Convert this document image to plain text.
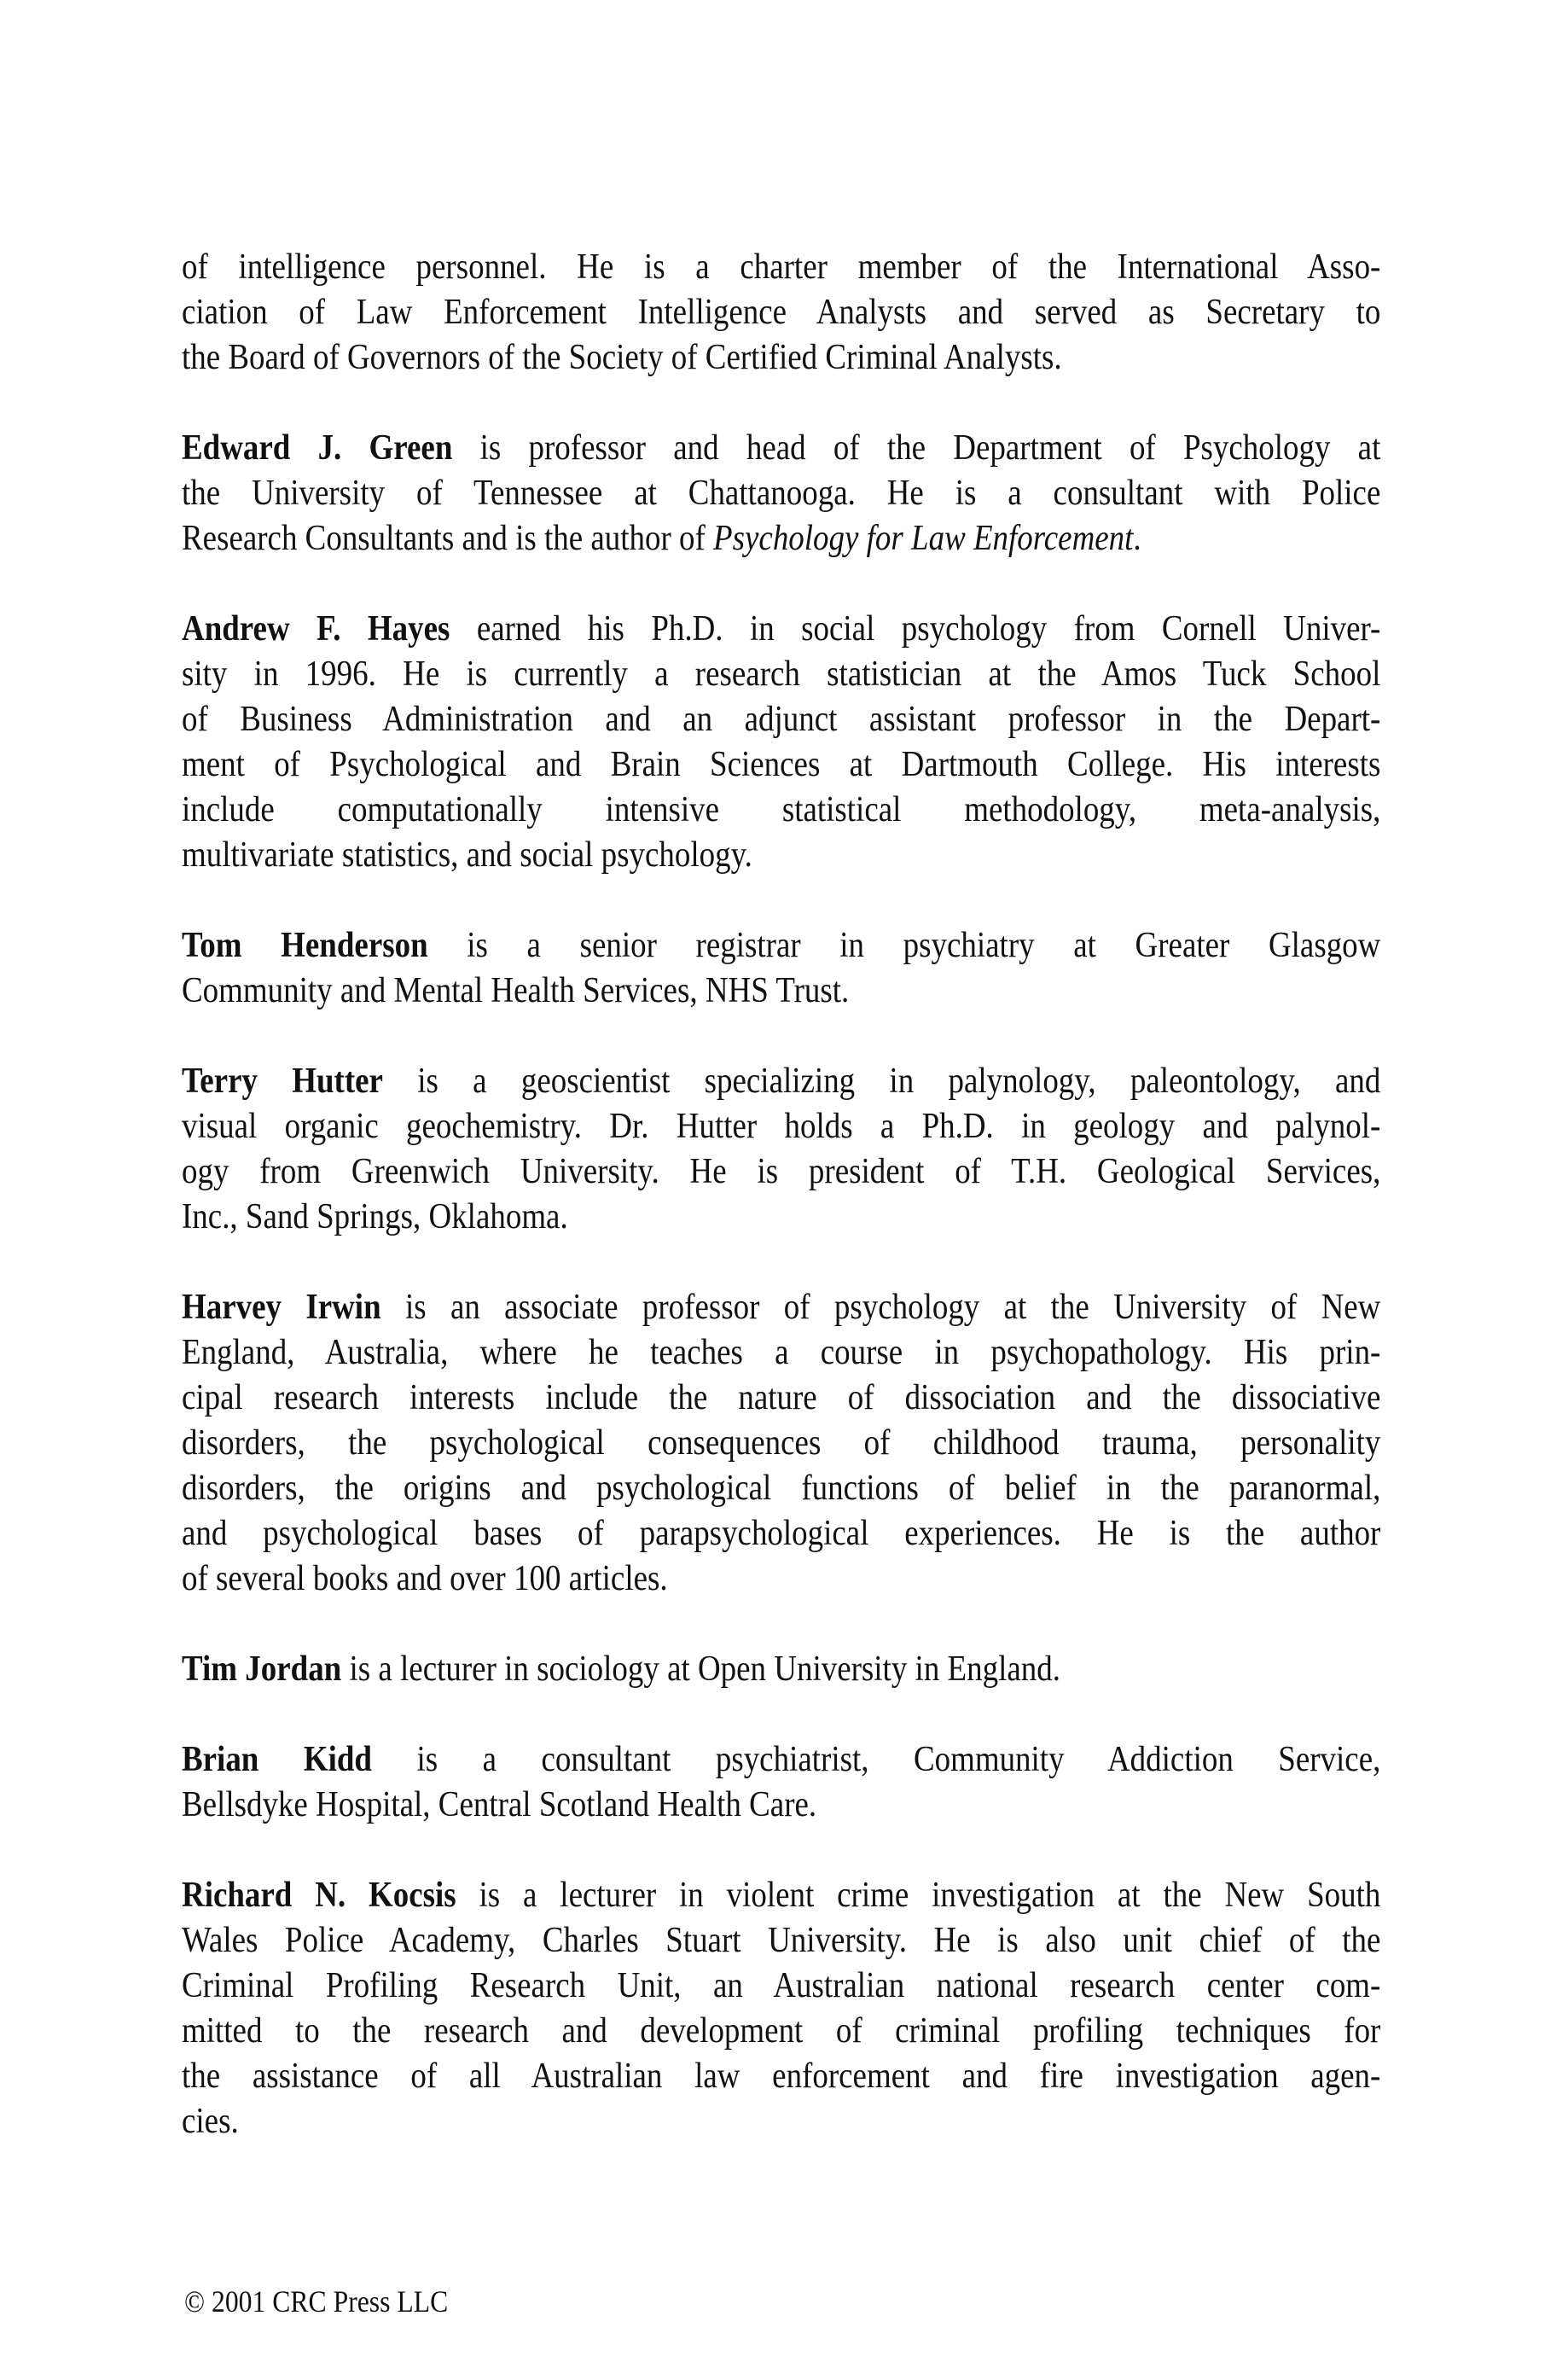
of intelligence personnel. He is a charter member of the International Asso-
ciation of Law Enforcement Intelligence Analysts and served as Secretary to
the Board of Governors of the Society of Certified Criminal Analysts.
Edward J. Green is professor and head of the Department of Psychology at
the University of Tennessee at Chattanooga. He is a consultant with Police
Research Consultants and is the author of Psychology for Law Enforcement.
Andrew F. Hayes earned his Ph.D. in social psychology from Cornell Univer-
sity in 1996. He is currently a research statistician at the Amos Tuck School
of Business Administration and an adjunct assistant professor in the Depart-
ment of Psychological and Brain Sciences at Dartmouth College. His interests
include computationally intensive statistical methodology, meta-analysis,
multivariate statistics, and social psychology.
Tom Henderson is a senior registrar in psychiatry at Greater Glasgow
Community and Mental Health Services, NHS Trust.
Terry Hutter is a geoscientist specializing in palynology, paleontology, and
visual organic geochemistry. Dr. Hutter holds a Ph.D. in geology and palynol-
ogy from Greenwich University. He is president of T.H. Geological Services,
Inc., Sand Springs, Oklahoma.
Harvey Irwin is an associate professor of psychology at the University of New
England, Australia, where he teaches a course in psychopathology. His prin-
cipal research interests include the nature of dissociation and the dissociative
disorders, the psychological consequences of childhood trauma, personality
disorders, the origins and psychological functions of belief in the paranormal,
and psychological bases of parapsychological experiences. He is the author
of several books and over 100 articles.
Tim Jordan is a lecturer in sociology at Open University in England.
Brian Kidd is a consultant psychiatrist, Community Addiction Service,
Bellsdyke Hospital, Central Scotland Health Care.
Richard N. Kocsis is a lecturer in violent crime investigation at the New South
Wales Police Academy, Charles Stuart University. He is also unit chief of the
Criminal Profiling Research Unit, an Australian national research center com-
mitted to the research and development of criminal profiling techniques for
the assistance of all Australian law enforcement and fire investigation agen-
cies.
© 2001 CRC Press LLC
